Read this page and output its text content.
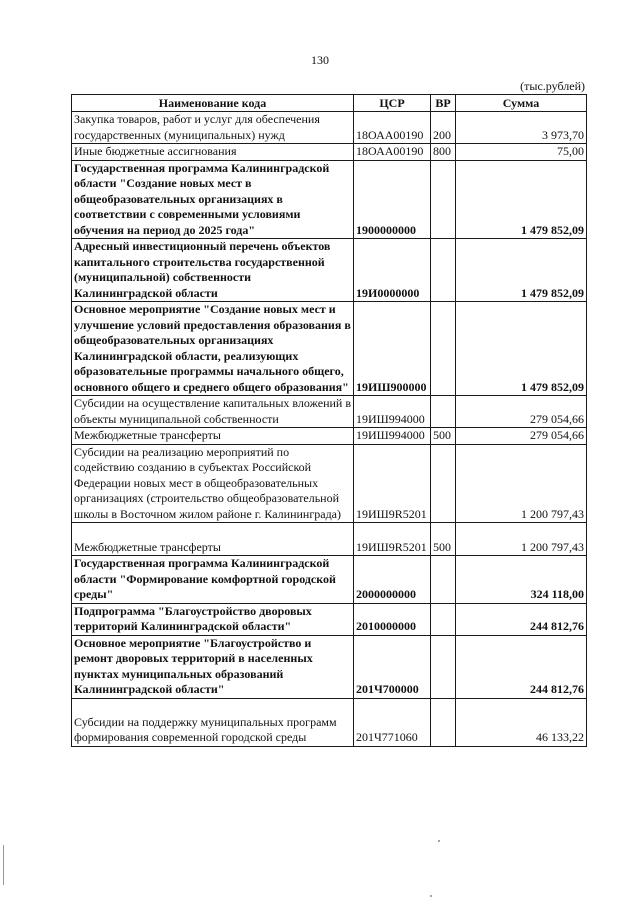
130
(тыс.рублей)
Наименование кода	ЦСР	ВР	Сумма
Закупка товаров, работ и услуг для обеспечения государственных (муниципальных) нужд	18ОАА00190	200	3 973,70
Иные бюджетные ассигнования	18ОАА00190	800	75,00
Государственная программа Калининградской области "Создание новых мест в общеобразовательных организациях в соответствии с современными условиями обучения на период до 2025 года"	1900000000		1 479 852,09
Адресный инвестиционный перечень объектов капитального строительства государственной (муниципальной) собственности Калининградской области	19И0000000		1 479 852,09
Основное мероприятие "Создание новых мест и улучшение условий предоставления образования в общеобразовательных организациях Калининградской области, реализующих образовательные программы начального общего, основного общего и среднего общего образования"	19ИШ900000		1 479 852,09
Субсидии на осуществление капитальных вложений в объекты муниципальной собственности	19ИШ994000		279 054,66
Межбюджетные трансферты	19ИШ994000	500	279 054,66
Субсидии на реализацию мероприятий по содействию созданию в субъектах Российской Федерации новых мест в общеобразовательных организациях (строительство общеобразовательной школы в Восточном жилом районе г. Калининграда)	19ИШ9R5201		1 200 797,43
Межбюджетные трансферты	19ИШ9R5201	500	1 200 797,43
Государственная программа Калининградской области "Формирование комфортной городской среды"	2000000000		324 118,00
Подпрограмма "Благоустройство дворовых территорий Калининградской области"	2010000000		244 812,76
Основное мероприятие "Благоустройство и ремонт дворовых территорий в населенных пунктах муниципальных образований Калининградской области"	201Ч700000		244 812,76
Субсидии на поддержку муниципальных программ формирования современной городской среды	201Ч771060		46 133,22
